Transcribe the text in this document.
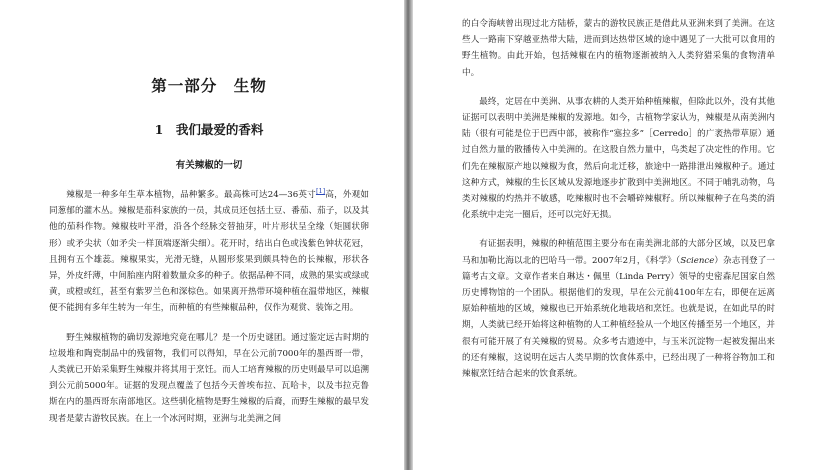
第一部分　生物
1　我们最爱的香料
有关辣椒的一切

辣椒是一种多年生草本植物，品种繁多。最高株可达24—36英寸[1]高，外观如同葱郁的灌木丛。辣椒是茄科家族的一员，其成员还包括土豆、番茄、茄子，以及其他的茄科作物。辣椒枝叶平滑，沿各个经脉交替抽芽，叶片形状呈全缘（矩圆状卵形）或矛尖状（如矛尖一样顶端逐渐尖细）。花开时，结出白色或浅紫色钟状花冠，且拥有五个雄蕊。辣椒果实，光滑无缝，从圆形浆果到颇具特色的长辣椒，形状各异，外皮纤薄，中间胎座内附着数量众多的种子。依据品种不同，成熟的果实或绿或黄，或橙或红，甚至有紫罗兰色和深棕色。如果离开热带环境种植在温带地区，辣椒便不能拥有多年生转为一年生，而种植的有些辣椒品种，仅作为观赏、装饰之用。

野生辣椒植物的确切发源地究竟在哪儿？是一个历史谜团。通过鉴定远古时期的垃圾堆和陶瓷制品中的残留物，我们可以得知，早在公元前7000年的墨西哥一带，人类就已开始采集野生辣椒并将其用于烹饪。而人工培育辣椒的历史则最早可以追溯到公元前5000年。证据的发现点覆盖了包括今天普埃布拉、瓦哈卡，以及韦拉克鲁斯在内的墨西哥东南部地区。这些驯化植物是野生辣椒的后裔，而野生辣椒的最早发现者是蒙古游牧民族。在上一个冰河时期，亚洲与北美洲之间

的白令海峡曾出现过北方陆桥，蒙古的游牧民族正是借此从亚洲来到了美洲。在这些人一路南下穿越亚热带大陆，进而到达热带区域的途中遇见了一大批可以食用的野生植物。由此开始，包括辣椒在内的植物逐渐被纳入人类狩猎采集的食物清单中。

最终，定居在中美洲、从事农耕的人类开始种植辣椒，但除此以外，没有其他证据可以表明中美洲是辣椒的发源地。如今，古植物学家认为，辣椒是从南美洲内陆（很有可能是位于巴西中部，被称作“塞拉多”［Cerredo］的广袤热带草原）通过自然力量的散播传入中美洲的。在这股自然力量中，鸟类起了决定性的作用。它们先在辣椒原产地以辣椒为食，然后向北迁移，旅途中一路排泄出辣椒种子。通过这种方式，辣椒的生长区域从发源地逐步扩散到中美洲地区。不同于哺乳动物，鸟类对辣椒的灼热并不敏感，吃辣椒时也不会嚼碎辣椒籽。所以辣椒种子在鸟类的消化系统中走完一圈后，还可以完好无损。

有证据表明，辣椒的种植范围主要分布在南美洲北部的大部分区域，以及巴拿马和加勒比海以北的巴哈马一带。2007年2月，《科学》（Science）杂志刊登了一篇考古文章。文章作者来自琳达・佩里（Linda Perry）领导的史密森尼国家自然历史博物馆的一个团队。根据他们的发现，早在公元前4100年左右，即便在远离原始种植地的区域，辣椒也已开始系统化地栽培和烹饪。也就是说，在如此早的时期，人类就已经开始将这种植物的人工种植经验从一个地区传播至另一个地区，并很有可能开展了有关辣椒的贸易。众多考古遗迹中，与玉米沉淀物一起被发掘出来的还有辣椒，这说明在远古人类早期的饮食体系中，已经出现了一种将谷物加工和辣椒烹饪结合起来的饮食系统。
